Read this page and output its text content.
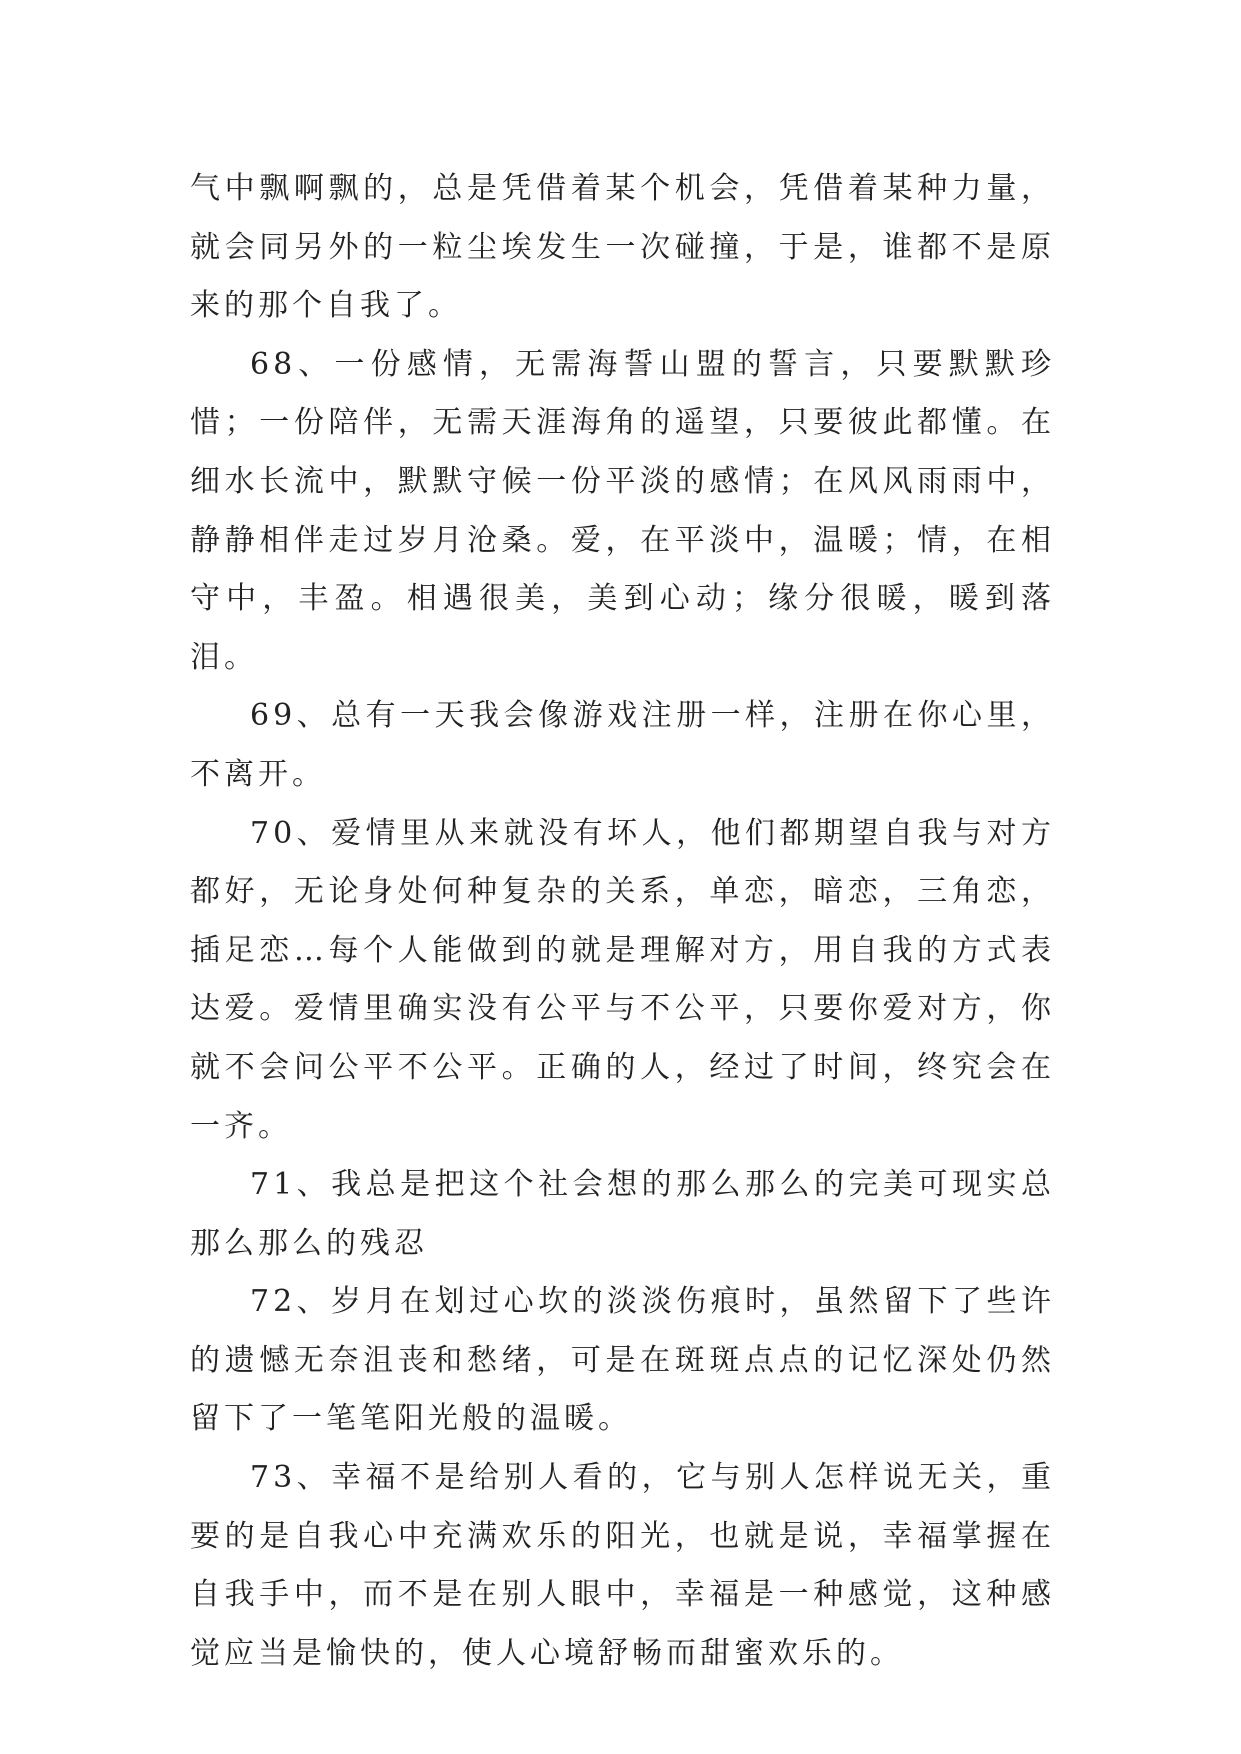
气中飘啊飘的，总是凭借着某个机会，凭借着某种力量，就会同另外的一粒尘埃发生一次碰撞，于是，谁都不是原来的那个自我了。

68、一份感情，无需海誓山盟的誓言，只要默默珍惜；一份陪伴，无需天涯海角的遥望，只要彼此都懂。在细水长流中，默默守候一份平淡的感情；在风风雨雨中，静静相伴走过岁月沧桑。爱，在平淡中，温暖；情，在相守中，丰盈。相遇很美，美到心动；缘分很暖，暖到落泪。

69、总有一天我会像游戏注册一样，注册在你心里，不离开。

70、爱情里从来就没有坏人，他们都期望自我与对方都好，无论身处何种复杂的关系，单恋，暗恋，三角恋，插足恋…每个人能做到的就是理解对方，用自我的方式表达爱。爱情里确实没有公平与不公平，只要你爱对方，你就不会问公平不公平。正确的人，经过了时间，终究会在一齐。

71、我总是把这个社会想的那么那么的完美可现实总那么那么的残忍

72、岁月在划过心坎的淡淡伤痕时，虽然留下了些许的遗憾无奈沮丧和愁绪，可是在斑斑点点的记忆深处仍然留下了一笔笔阳光般的温暖。

73、幸福不是给别人看的，它与别人怎样说无关，重要的是自我心中充满欢乐的阳光，也就是说，幸福掌握在自我手中，而不是在别人眼中，幸福是一种感觉，这种感觉应当是愉快的，使人心境舒畅而甜蜜欢乐的。
